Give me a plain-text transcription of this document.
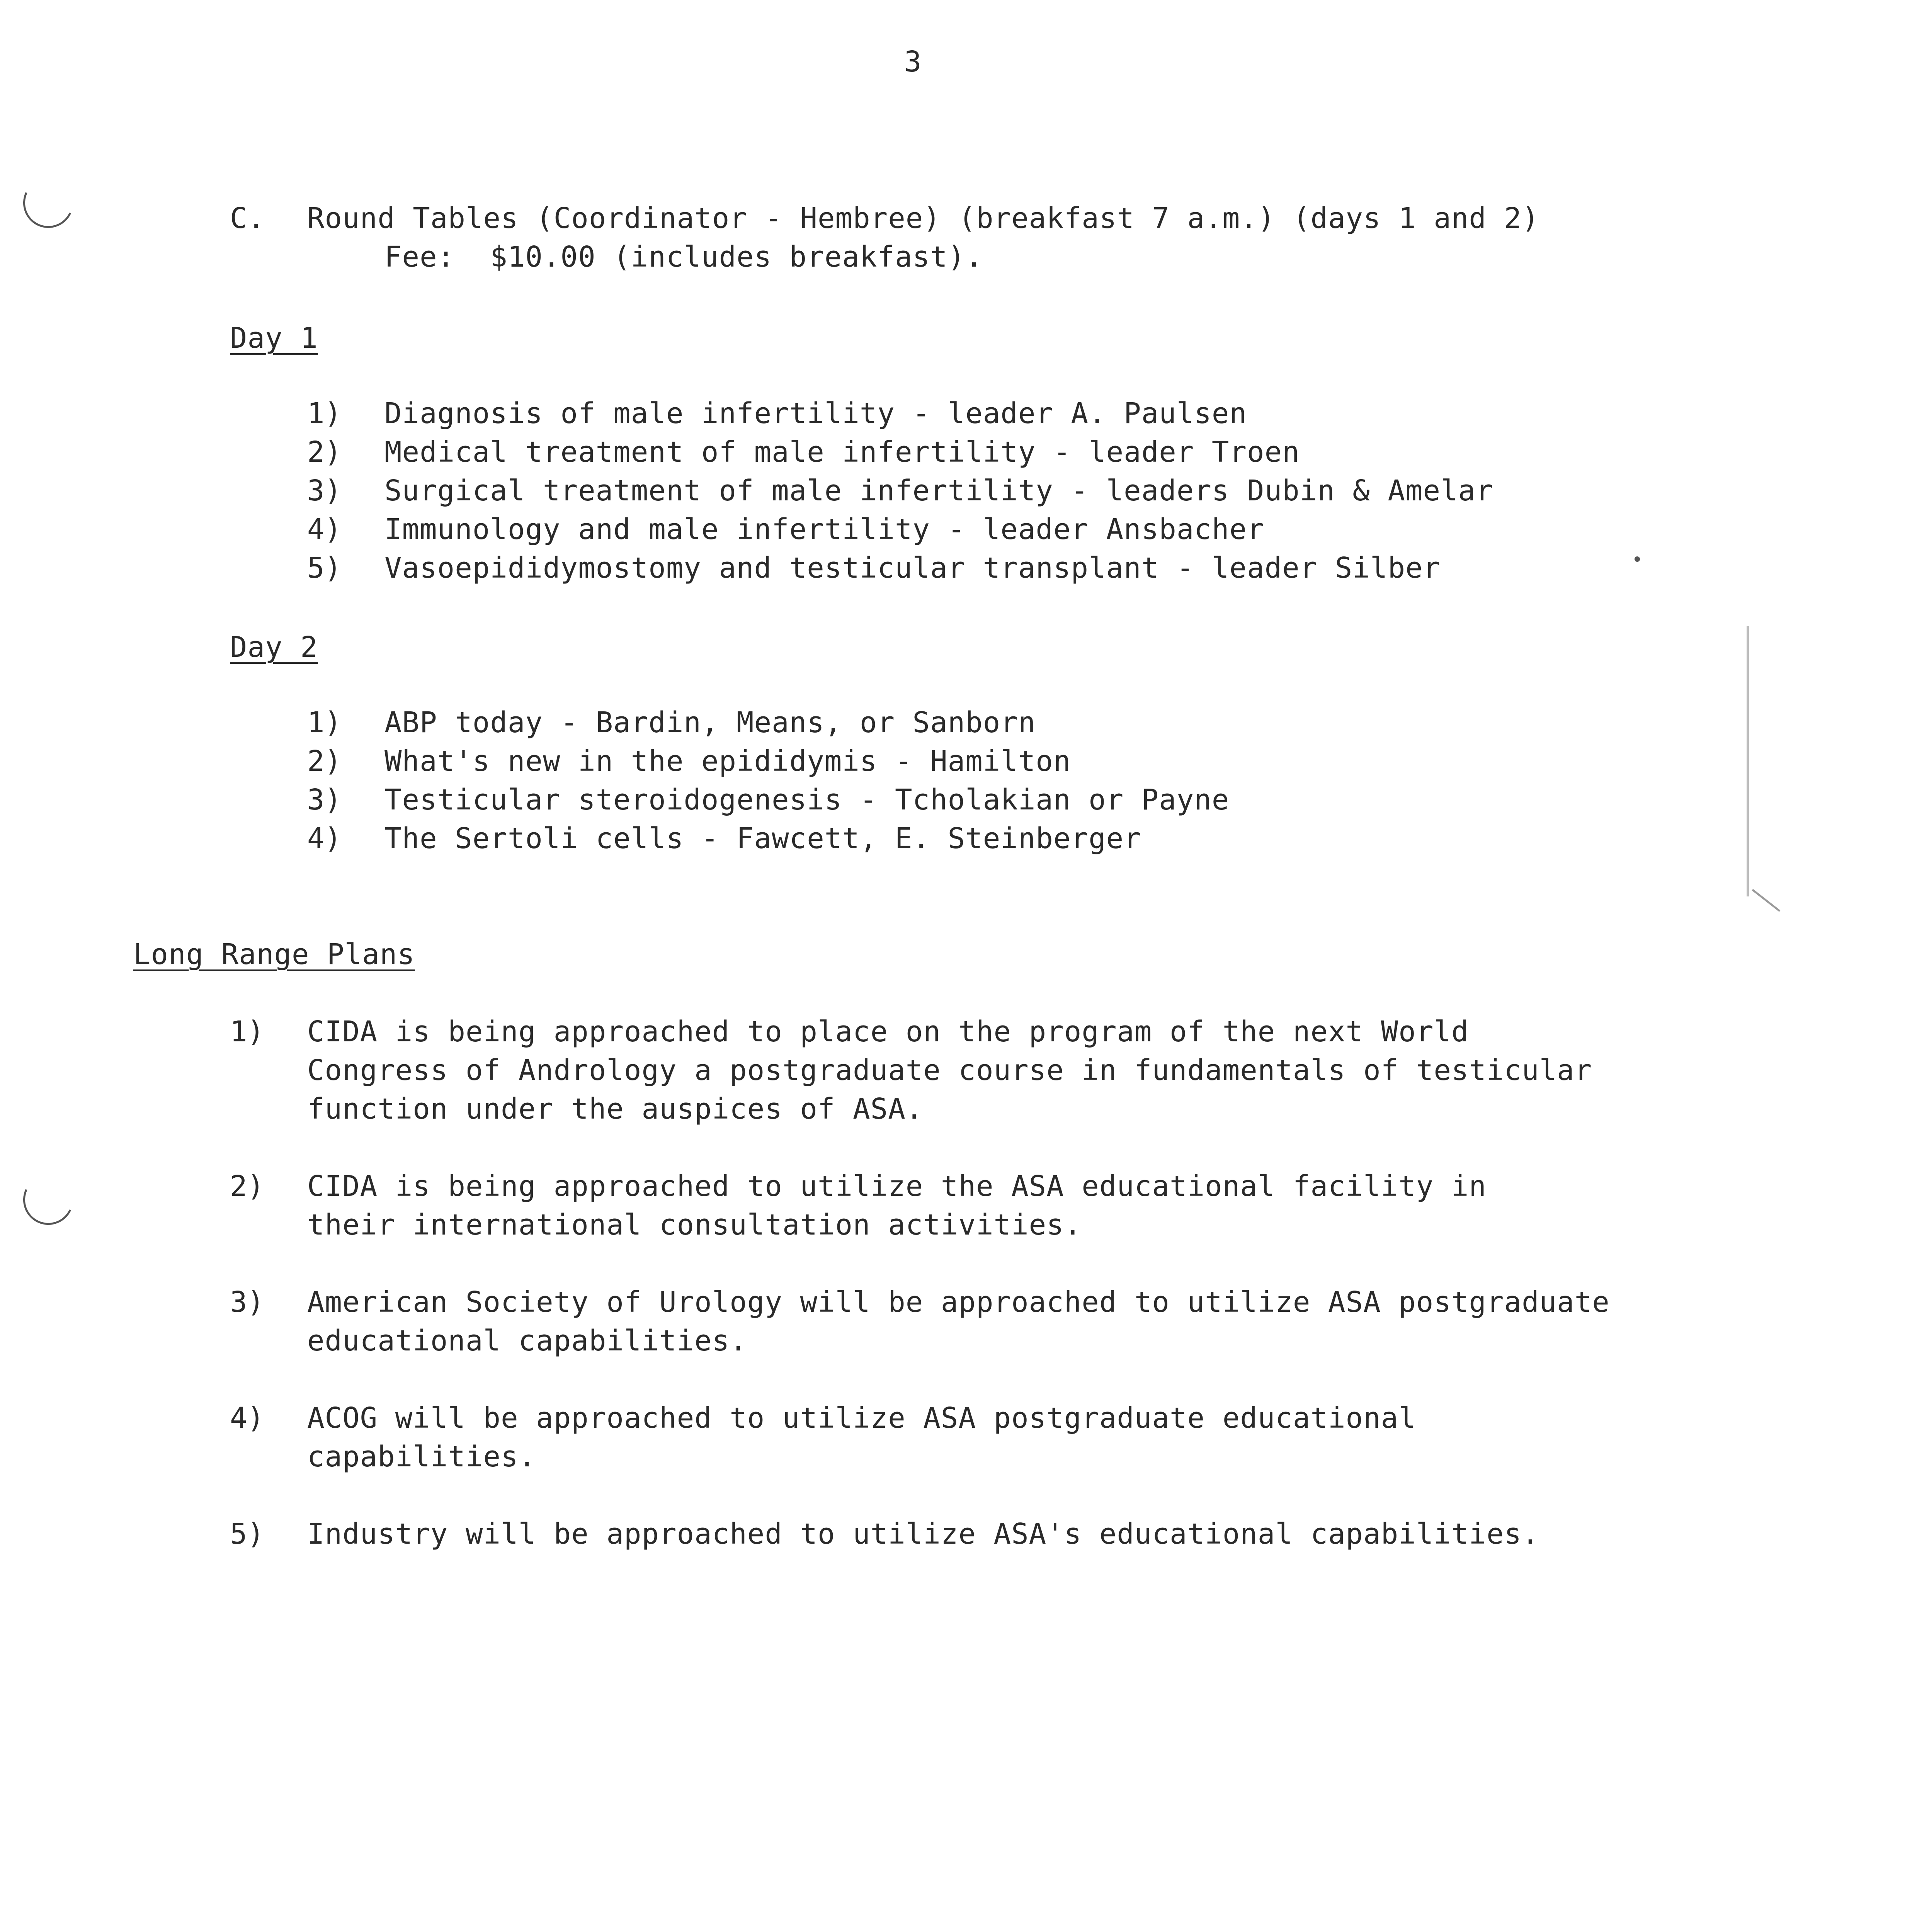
3
C. Round Tables (Coordinator - Hembree) (breakfast 7 a.m.) (days 1 and 2)
Fee:  $10.00 (includes breakfast).
Day 1
1) Diagnosis of male infertility - leader A. Paulsen
2) Medical treatment of male infertility - leader Troen
3) Surgical treatment of male infertility - leaders Dubin & Amelar
4) Immunology and male infertility - leader Ansbacher
5) Vasoepididymostomy and testicular transplant - leader Silber
Day 2
1) ABP today - Bardin, Means, or Sanborn
2) What's new in the epididymis - Hamilton
3) Testicular steroidogenesis - Tcholakian or Payne
4) The Sertoli cells - Fawcett, E. Steinberger
Long Range Plans
1) CIDA is being approached to place on the program of the next World
Congress of Andrology a postgraduate course in fundamentals of testicular
function under the auspices of ASA.
2) CIDA is being approached to utilize the ASA educational facility in
their international consultation activities.
3) American Society of Urology will be approached to utilize ASA postgraduate
educational capabilities.
4) ACOG will be approached to utilize ASA postgraduate educational
capabilities.
5) Industry will be approached to utilize ASA's educational capabilities.
